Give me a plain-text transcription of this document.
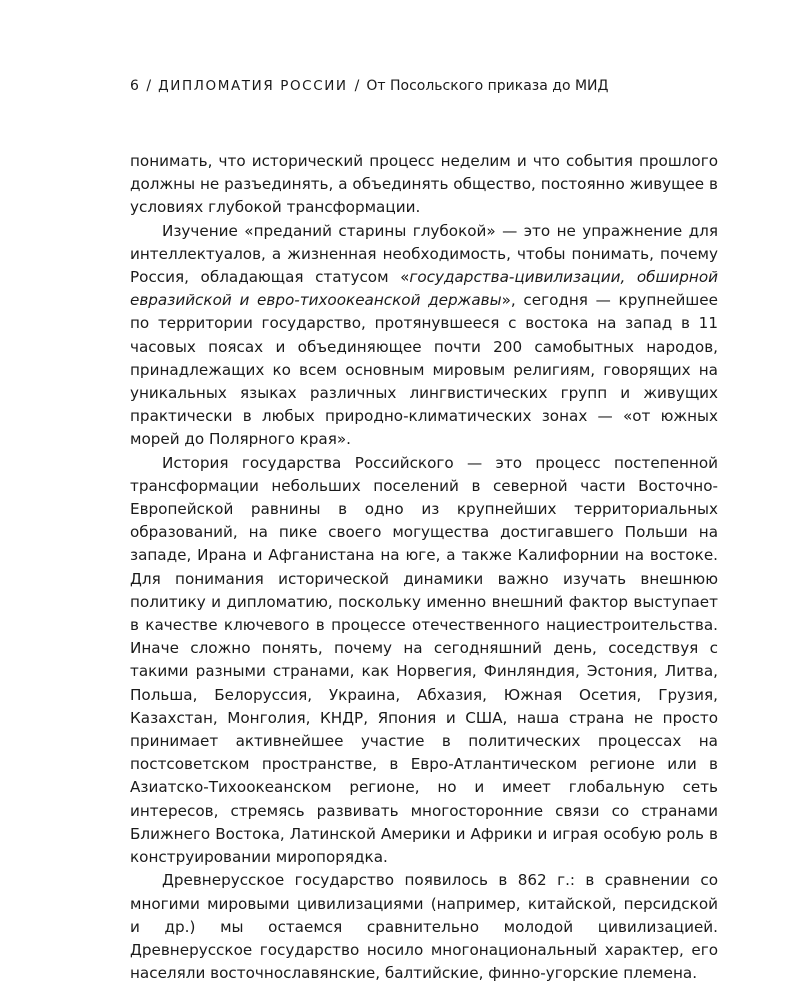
6 / ДИПЛОМАТИЯ РОССИИ / От Посольского приказа до МИД

понимать, что исторический процесс неделим и что события прошлого должны не разъединять, а объединять общество, постоянно живущее в условиях глубокой трансформации.

Изучение «преданий старины глубокой» — это не упражнение для интеллектуалов, а жизненная необходимость, чтобы понимать, почему Россия, обладающая статусом «государства-цивилизации, обширной евразийской и евро-тихоокеанской державы», сегодня — крупнейшее по территории государство, протянувшееся с востока на запад в 11 часовых поясах и объединяющее почти 200 самобытных народов, принадлежащих ко всем основным мировым религиям, говорящих на уникальных языках различных лингвистических групп и живущих практически в любых природно-климатических зонах — «от южных морей до Полярного края».

История государства Российского — это процесс постепенной трансформации небольших поселений в северной части Восточно-Европейской равнины в одно из крупнейших территориальных образований, на пике своего могущества достигавшего Польши на западе, Ирана и Афганистана на юге, а также Калифорнии на востоке. Для понимания исторической динамики важно изучать внешнюю политику и дипломатию, поскольку именно внешний фактор выступает в качестве ключевого в процессе отечественного нациестроительства. Иначе сложно понять, почему на сегодняшний день, соседствуя с такими разными странами, как Норвегия, Финляндия, Эстония, Литва, Польша, Белоруссия, Украина, Абхазия, Южная Осетия, Грузия, Казахстан, Монголия, КНДР, Япония и США, наша страна не просто принимает активнейшее участие в политических процессах на постсоветском пространстве, в Евро-Атлантическом регионе или в Азиатско-Тихоокеанском регионе, но и имеет глобальную сеть интересов, стремясь развивать многосторонние связи со странами Ближнего Востока, Латинской Америки и Африки и играя особую роль в конструировании миропорядка.

Древнерусское государство появилось в 862 г.: в сравнении со многими мировыми цивилизациями (например, китайской, персидской и др.) мы остаемся сравнительно молодой цивилизацией. Древнерусское государство носило многонациональный характер, его населяли восточнославянские, балтийские, финно-угорские племена.
